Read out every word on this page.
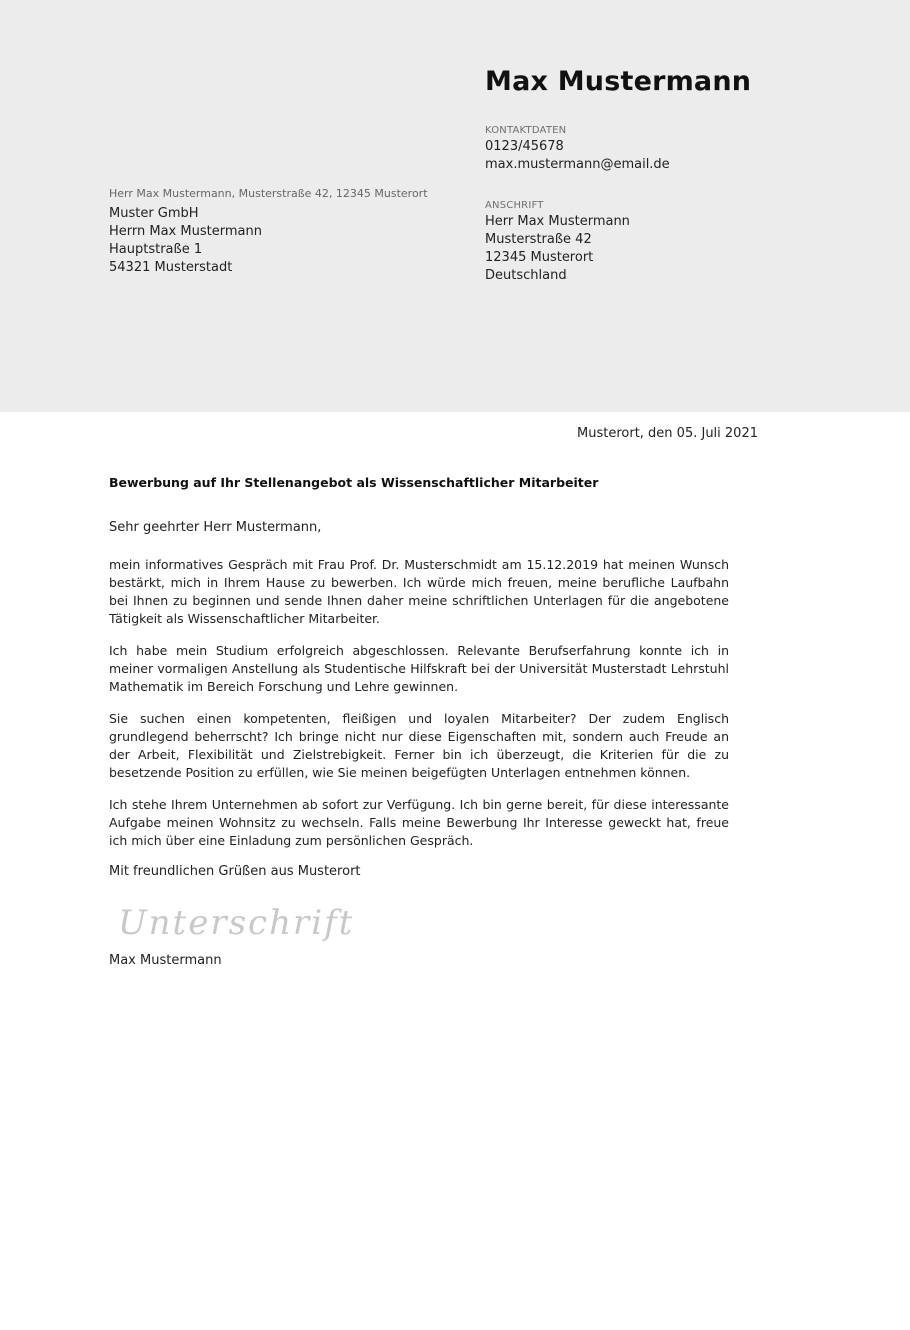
Max Mustermann
KONTAKTDATEN
0123/45678
max.mustermann@email.de
ANSCHRIFT
Herr Max Mustermann
Musterstraße 42
12345 Musterort
Deutschland
Herr Max Mustermann, Musterstraße 42, 12345 Musterort
Muster GmbH
Herrn Max Mustermann
Hauptstraße 1
54321 Musterstadt
Musterort, den 05. Juli 2021
Bewerbung auf Ihr Stellenangebot als Wissenschaftlicher Mitarbeiter
Sehr geehrter Herr Mustermann,

mein informatives Gespräch mit Frau Prof. Dr. Musterschmidt am 15.12.2019 hat meinen Wunsch bestärkt, mich in Ihrem Hause zu bewerben. Ich würde mich freuen, meine berufliche Laufbahn bei Ihnen zu beginnen und sende Ihnen daher meine schriftlichen Unterlagen für die angebotene Tätigkeit als Wissenschaftlicher Mitarbeiter.

Ich habe mein Studium erfolgreich abgeschlossen. Relevante Berufserfahrung konnte ich in meiner vormaligen Anstellung als Studentische Hilfskraft bei der Universität Musterstadt Lehrstuhl Mathematik im Bereich Forschung und Lehre gewinnen.

Sie suchen einen kompetenten, fleißigen und loyalen Mitarbeiter? Der zudem Englisch grundlegend beherrscht? Ich bringe nicht nur diese Eigenschaften mit, sondern auch Freude an der Arbeit, Flexibilität und Zielstrebigkeit. Ferner bin ich überzeugt, die Kriterien für die zu besetzende Position zu erfüllen, wie Sie meinen beigefügten Unterlagen entnehmen können.

Ich stehe Ihrem Unternehmen ab sofort zur Verfügung. Ich bin gerne bereit, für diese interessante Aufgabe meinen Wohnsitz zu wechseln. Falls meine Bewerbung Ihr Interesse geweckt hat, freue ich mich über eine Einladung zum persönlichen Gespräch.

Mit freundlichen Grüßen aus Musterort
Unterschrift
Max Mustermann
